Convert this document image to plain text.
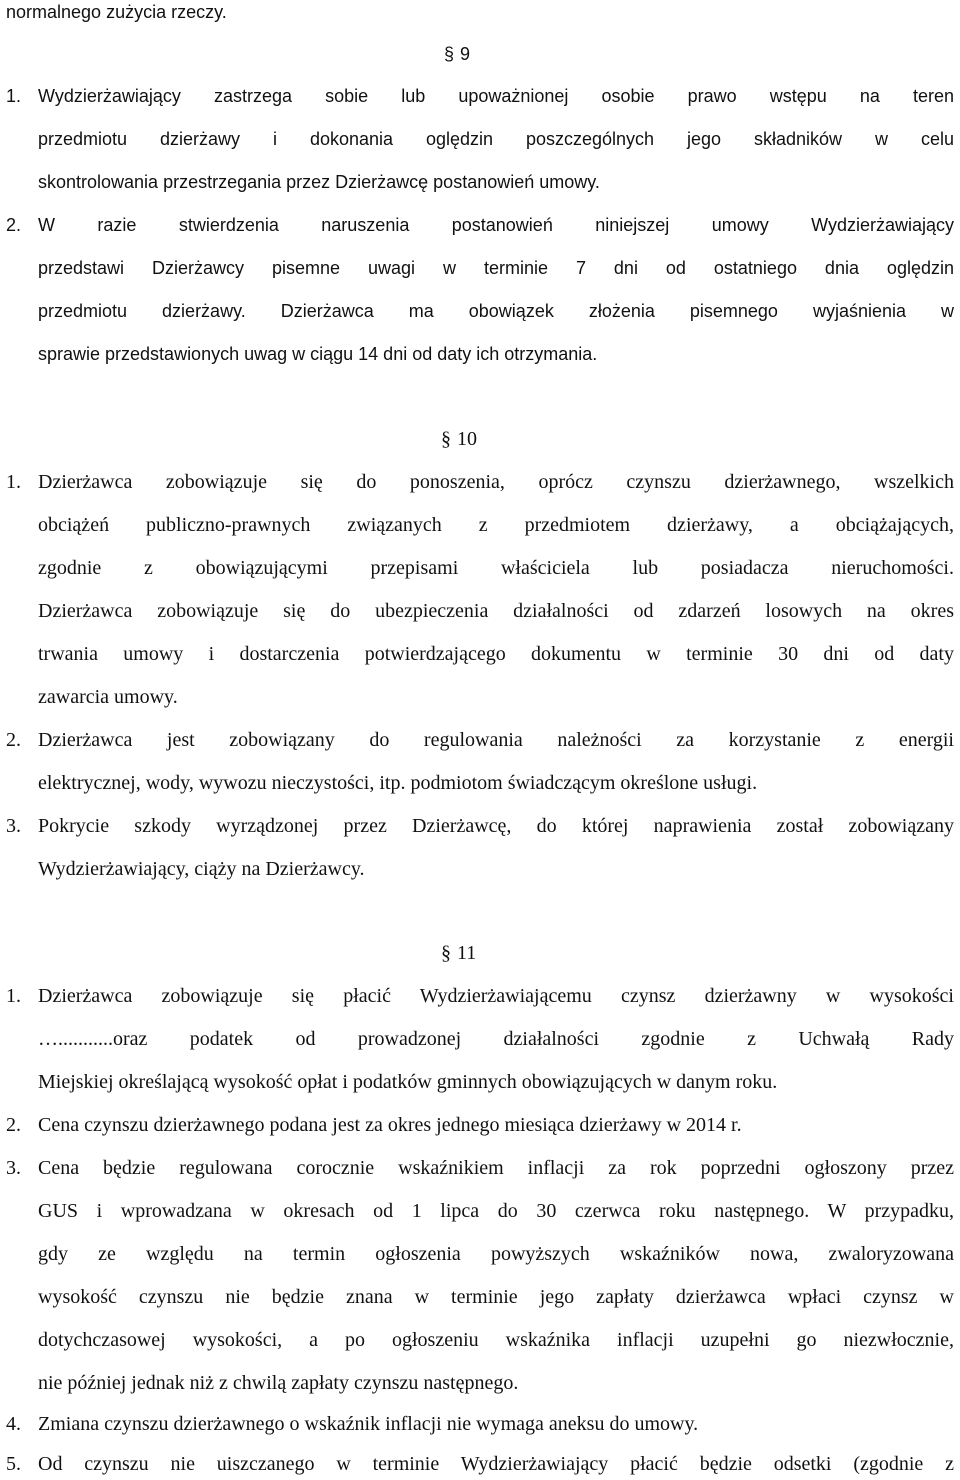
normalnego zużycia rzeczy.
§ 9
1. Wydzierżawiający zastrzega sobie lub upoważnionej osobie prawo wstępu na teren
przedmiotu dzierżawy i dokonania oględzin poszczególnych jego składników w celu
skontrolowania przestrzegania przez Dzierżawcę postanowień umowy.
2. W razie stwierdzenia naruszenia postanowień niniejszej umowy Wydzierżawiający
przedstawi Dzierżawcy pisemne uwagi w terminie 7 dni od ostatniego dnia oględzin
przedmiotu dzierżawy. Dzierżawca ma obowiązek złożenia pisemnego wyjaśnienia w
sprawie przedstawionych uwag w ciągu 14 dni od daty ich otrzymania.
§ 10
1. Dzierżawca zobowiązuje się do ponoszenia, oprócz czynszu dzierżawnego, wszelkich
obciążeń publiczno-prawnych związanych z przedmiotem dzierżawy, a obciążających,
zgodnie z obowiązującymi przepisami właściciela lub posiadacza nieruchomości.
Dzierżawca zobowiązuje się do ubezpieczenia działalności od zdarzeń losowych na okres
trwania umowy i dostarczenia potwierdzającego dokumentu w terminie 30 dni od daty
zawarcia umowy.
2. Dzierżawca jest zobowiązany do regulowania należności za korzystanie z energii
elektrycznej, wody, wywozu nieczystości, itp. podmiotom świadczącym określone usługi.
3. Pokrycie szkody wyrządzonej przez Dzierżawcę, do której naprawienia został zobowiązany
Wydzierżawiający, ciąży na Dzierżawcy.
§ 11
1. Dzierżawca zobowiązuje się płacić Wydzierżawiającemu czynsz dzierżawny w wysokości
…...........oraz podatek od prowadzonej działalności zgodnie z Uchwałą Rady
Miejskiej określającą wysokość opłat i podatków gminnych obowiązujących w danym roku.
2. Cena czynszu dzierżawnego podana jest za okres jednego miesiąca dzierżawy w 2014 r.
3. Cena będzie regulowana corocznie wskaźnikiem inflacji za rok poprzedni ogłoszony przez
GUS i wprowadzana w okresach od 1 lipca do 30 czerwca roku następnego. W przypadku,
gdy ze względu na termin ogłoszenia powyższych wskaźników nowa, zwaloryzowana
wysokość czynszu nie będzie znana w terminie jego zapłaty dzierżawca wpłaci czynsz w
dotychczasowej wysokości, a po ogłoszeniu wskaźnika inflacji uzupełni go niezwłocznie,
nie później jednak niż z chwilą zapłaty czynszu następnego.
4. Zmiana czynszu dzierżawnego o wskaźnik inflacji nie wymaga aneksu do umowy.
5. Od czynszu nie uiszczanego w terminie Wydzierżawiający płacić będzie odsetki (zgodnie z
